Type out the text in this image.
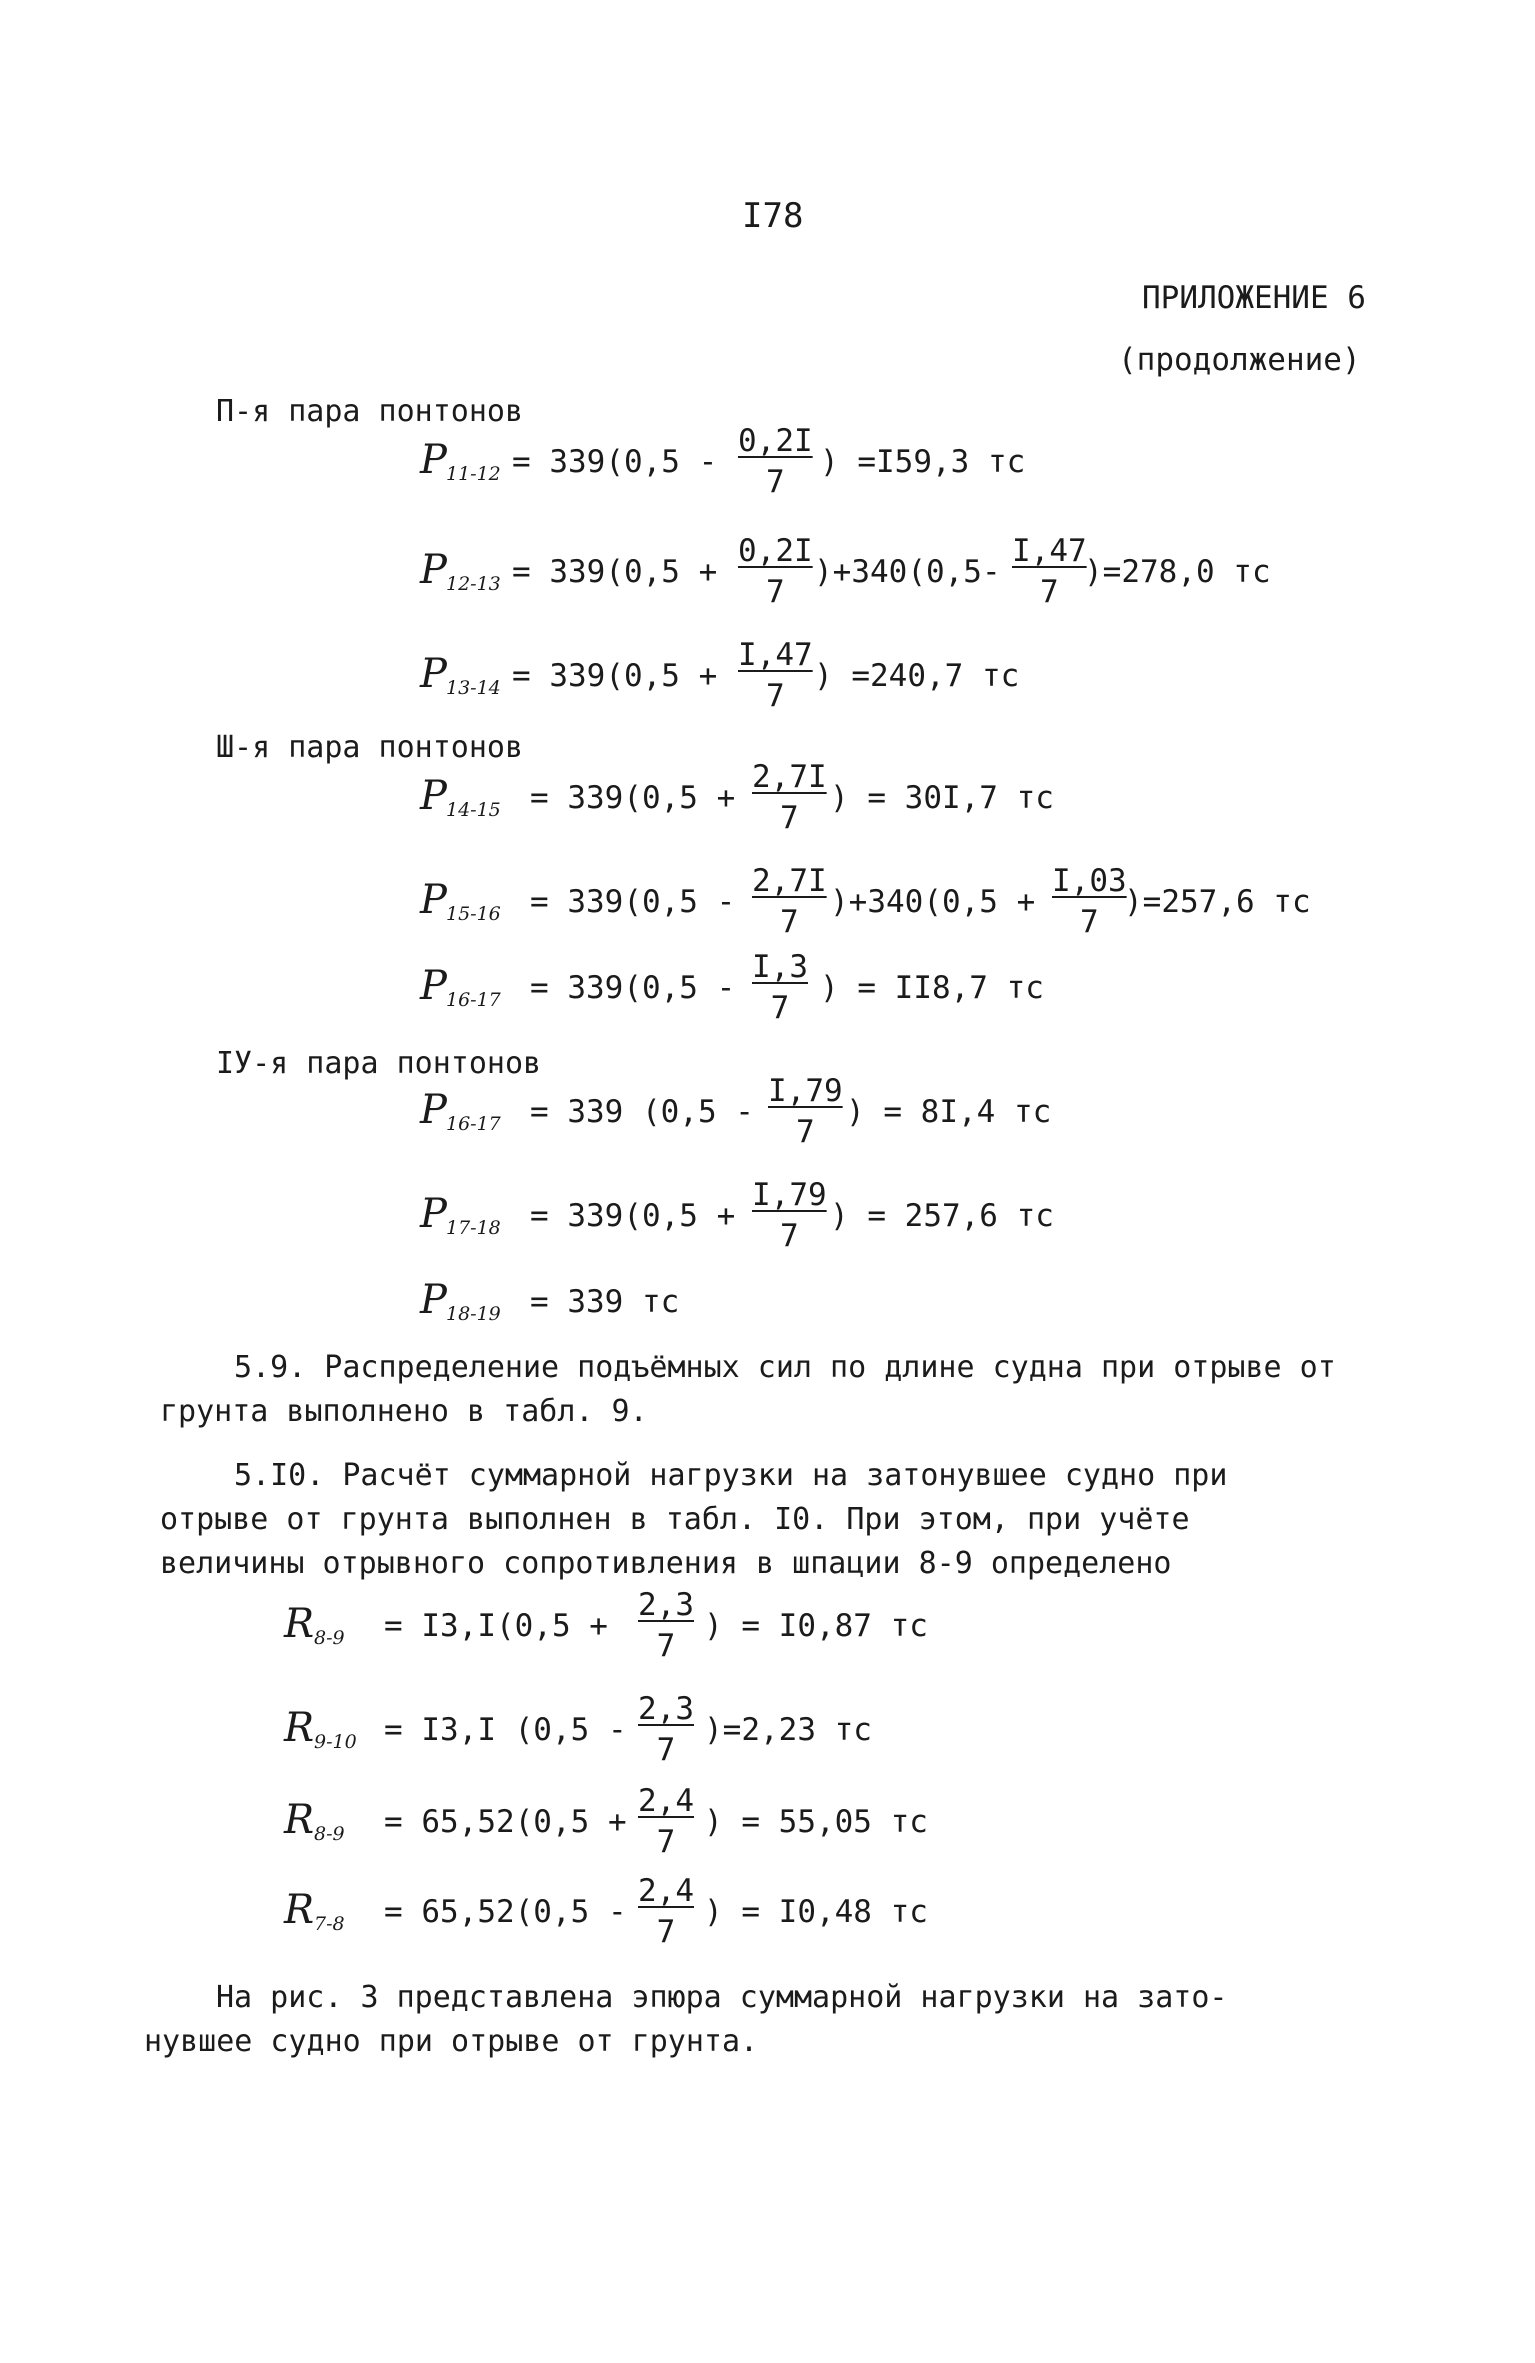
I78
ПРИЛОЖЕНИЕ 6
(продолжение)
П-я пара понтонов
P $11-12 = 339(0,5 - \frac{0,2I}{7}$ ) =I59,3 тс
P $12-13 = 339(0,5 + \frac{0,2I}{7} )+340(0,5- \frac{I,47}{7}$
)=278,0 тс
P $13-14 = 339(0,5 + \frac{I,47}{7}$ ) =240,7 тс
Ш-я пара понтонов
P $14-15 = 339(0,5 + \frac{2,7I}{7}$ ) = 30I,7 тс
P $15-16 = 339(0,5 - \frac{2,7I}{7} )+340(0,5 + \frac{I,03}{7}$
)=257,6 тс
P $16-17 = 339(0,5 - \frac{I,3}{7}$ ) = II8,7 тс
IУ-я пара понтонов
P 16-17 = 339 ($0,5 - \frac{I,79}{7}$ ) = 8I,4 тс
P $17-18 = 339(0,5 + \frac{I,79}{7}$ ) = 257,6 тс
P 18-19 = 339 тс
5.9. Распределение подъёмных сил по длине судна при отрыве от
грунта выполнено в табл. 9.
5.I0. Расчёт суммарной нагрузки на затонувшее судно при
отрыве от грунта выполнен в табл. I0. При этом, при учёте
величины отрывного сопротивления в шпации 8-9 определено
R $8-9 = I3,I(0,5 + \frac{2,3}{7}$ ) = I0,87 тс
R 9-10 = I3,I $(0,5 - \frac{2,3}{7} )=2,23$ тс
R $8-9 = 65,52(0,5 + \frac{2,4}{7}$ ) = 55,05 тс
R $7-8 = 65,52(0,5 - \frac{2,4}{7}$ ) = I0,48 тс
На рис. 3 представлена эпюра суммарной нагрузки на зато-
нувшее судно при отрыве от грунта.
